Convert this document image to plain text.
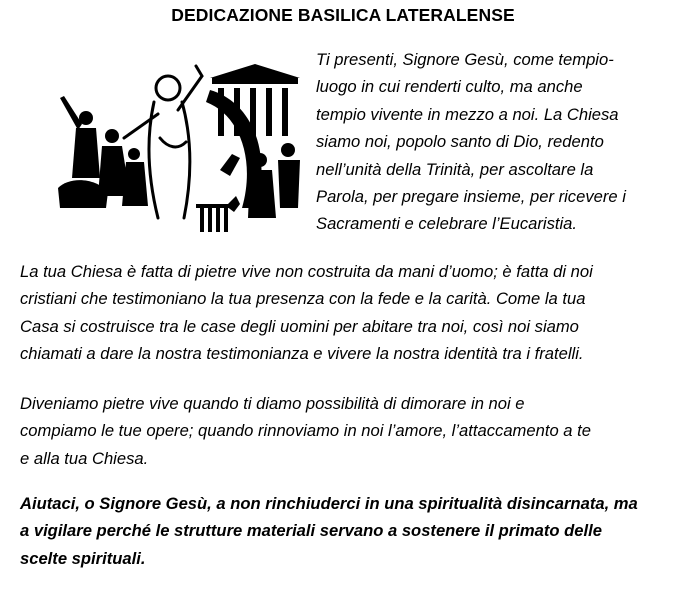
DEDICAZIONE BASILICA LATERALENSE

Ti presenti, Signore Gesù, come tempio-
luogo in cui renderti culto, ma anche
tempio vivente in mezzo a noi. La Chiesa
siamo noi, popolo santo di Dio, redento
nell’unità della Trinità, per ascoltare la
Parola, per pregare insieme, per ricevere i
Sacramenti e celebrare l’Eucaristia.

La tua Chiesa è fatta di pietre vive non costruita da mani d’uomo; è fatta di noi
cristiani che testimoniano la tua presenza con la fede e la carità. Come la tua
Casa si costruisce tra le case degli uomini per abitare tra noi, così noi siamo
chiamati a dare la nostra testimonianza e vivere la nostra identità tra i fratelli.

Diveniamo pietre vive quando ti diamo possibilità di dimorare in noi e
compiamo le tue opere; quando rinnoviamo in noi l’amore, l’attaccamento a te
e alla tua Chiesa.

Aiutaci, o Signore Gesù, a non rinchiuderci in una spiritualità disincarnata, ma
a vigilare perché le strutture materiali servano a sostenere il primato delle
scelte spirituali.
